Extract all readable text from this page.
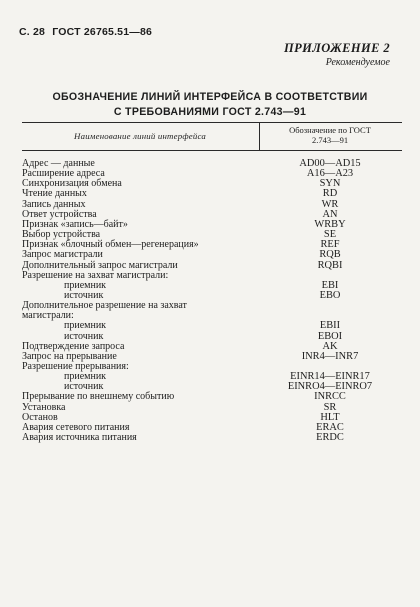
С. 28 ГОСТ 26765.51—86
ПРИЛОЖЕНИЕ 2
Рекомендуемое
ОБОЗНАЧЕНИЕ ЛИНИЙ ИНТЕРФЕЙСА В СООТВЕТСТВИИ
С ТРЕБОВАНИЯМИ ГОСТ 2.743—91
Наименование линий интерфейса
Обозначение по ГОСТ
2.743—91
Адрес — данные	AD00—AD15
Расширение адреса	A16—A23
Синхронизация обмена	SYN
Чтение данных	RD
Запись данных	WR
Ответ устройства	AN
Признак «запись—байт»	WRBY
Выбор устройства	SE
Признак «блочный обмен—регенерация»	REF
Запрос магистрали	RQB
Дополнительный запрос магистрали	RQBI
Разрешение на захват магистрали:
приемник	EBI
источник	EBO
Дополнительное разрешение на захват
магистрали:
приемник	EBII
источник	EBOI
Подтверждение запроса	AK
Запрос на прерывание	INR4—INR7
Разрешение прерывания:
приемник	EINR14—EINR17
источник	EINRO4—EINRO7
Прерывание по внешнему событию	INRCC
Установка	SR
Останов	HLT
Авария сетевого питания	ERAC
Авария источника питания	ERDC
